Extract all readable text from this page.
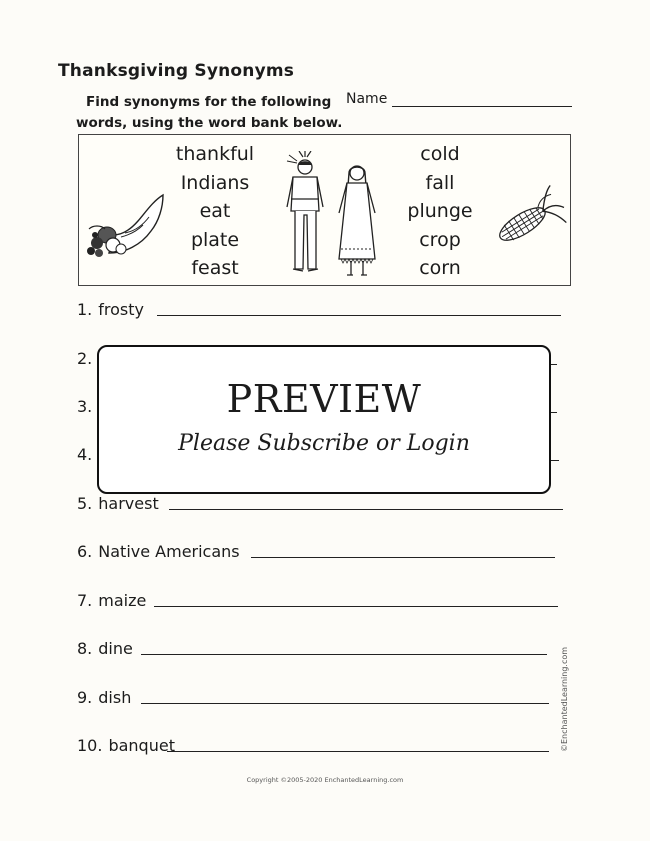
Thanksgiving Synonyms
Find synonyms for the following
words, using the word bank below.
Name
thankful
Indians
eat
plate
feast
cold
fall
plunge
crop
corn
1. frosty
2.
3.
4.
5. harvest
6. Native Americans
7. maize
8. dine
9. dish
10. banquet
PREVIEW
Please Subscribe or Login
©EnchantedLearning.com
Copyright ©2005-2020 EnchantedLearning.com
